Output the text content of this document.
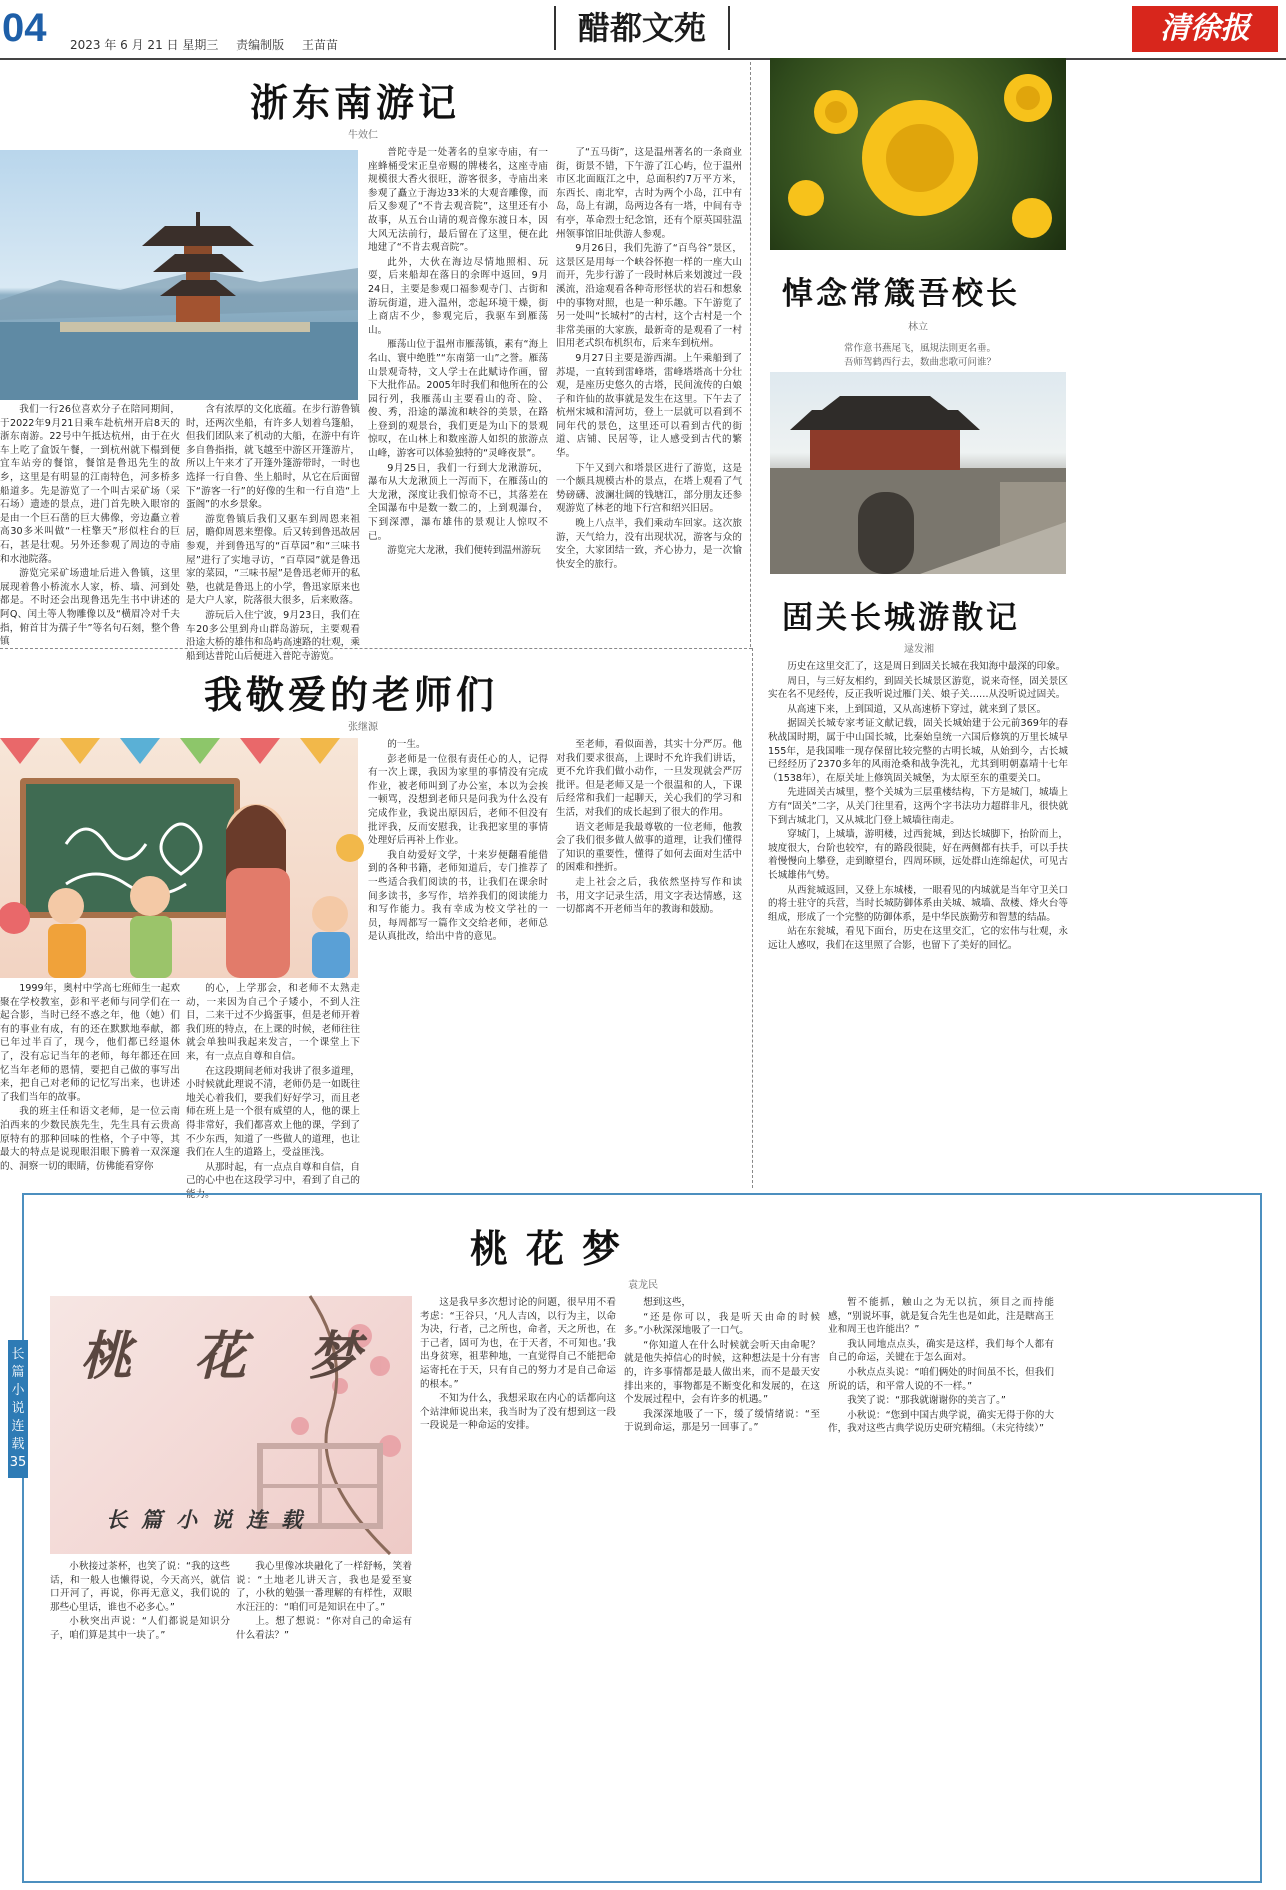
04 2023 年 6 月 21 日 星期三 责编制版 王苗苗	醋都文苑	清徐报
浙东南游记
牛效仁

我们一行26位喜欢分子在陪同期间，于2022年9月21日乘车赴杭州开启8天的浙东南游。22号中午抵达杭州，由于在火车上吃了盒饭午餐，一到杭州就下榻到便宜车站旁的餐馆，餐馆是鲁迅先生的故乡，这里是有明显的江南特色，河多桥多船道多。先是游览了一个叫古采矿场（采石场）遗迹的景点，进门首先映入眼帘的是由一个巨石凿的巨大佛像，旁边矗立着高30多米叫做“一柱擎天”形似柱台的巨石，甚是壮观。另外还参观了周边的寺庙和水池院落。

游览完采矿场遗址后进入鲁镇，这里展现着鲁小桥流水人家，桥、墙、河到处都是。不时还会出现鲁迅先生书中讲述的阿Q、闰土等人物雕像以及“横眉冷对千夫指，俯首甘为孺子牛”等名句石刻，整个鲁镇

含有浓厚的文化底蕴。在步行游鲁镇时，还两次坐船，有许多人划着乌篷船，但我们团队来了机动的大船，在游中有许多自鲁指指，就飞越至中游区开篷游片，所以上午来才了开篷外篷游带时，一时也选择一行自鲁、坐上船时，从它在后面留下“游客一行”的好像的生和一行自造“上蛋阁”的水乡景象。

游览鲁镇后我们又驱车到周恩来祖居，瞻仰周恩来塑像。后又转到鲁迅故居参观，并到鲁迅写的“百草园”和“三味书屋”进行了实地寻访，“百草园”就是鲁迅家的菜园，“三味书屋”是鲁迅老师开的私塾，也就是鲁迅上的小学，鲁迅家原来也是大户人家，院落很大很多，后来败落。

游玩后入住宁波，9月23日，我们在车20多公里到舟山群岛游玩，主要观看沿途大桥的雄伟和岛屿高速路的壮观，乘船到达普陀山后便进入普陀寺游览。

普陀寺是一处著名的皇家寺庙，有一座蜂桶受宋正皇帝赐的牌楼名，这座寺庙规模很大香火很旺，游客很多，寺庙出来参观了矗立于海边33米的大观音雕像，而后又参观了“不肯去观音院”，这里还有小故事，从五台山请的观音像东渡日本，因大风无法前行，最后留在了这里，便在此地建了“不肯去观音院”。

此外，大伙在海边尽情地照相、玩耍，后来船却在落日的余晖中返回，9月24日，主要是参观口福参观寺门、古街和游玩街道，进入温州，恋起环境干燥，街上商店不少，参观完后，我驱车到雁荡山。

雁荡山位于温州市雁荡镇，素有“海上名山、寰中绝胜”“东南第一山”之誉。雁荡山景观奇特，文人学士在此赋诗作画，留下大批作品。2005年时我们和他所在的公园行列，我雁荡山主要看山的奇、险、俊、秀，沿途的瀑流和峡谷的美景，在路上登到的观景台，我们更是为山下的景观惊叹，在山林上和数座游人如织的旅游点山峰，游客可以体验独特的“灵峰夜景”。

9月25日，我们一行到大龙湫游玩，瀑布从大龙湫顶上一泻而下，在雁荡山的大龙湫，深度让我们惊奇不已，其落差在全国瀑布中是数一数二的，上到观瀑台，下到深潭，瀑布雄伟的景观让人惊叹不已。

游览完大龙湫，我们便转到温州游玩

了“五马街”，这是温州著名的一条商业街，街景不错，下午游了江心屿，位于温州市区北面瓯江之中，总面积约7万平方米，东西长、南北窄，古时为两个小岛，江中有岛，岛上有湖，岛两边各有一塔，中间有寺有亭，革命烈士纪念馆，还有个原英国驻温州领事馆旧址供游人参观。

9月26日，我们先游了“百鸟谷”景区，这景区是用每一个峡谷怀抱一样的一座大山而开，先步行游了一段时林后来划渡过一段溪流，沿途观看各种奇形怪状的岩石和想象中的事物对照，也是一种乐趣。下午游览了另一处叫“长城村”的古村，这个古村是一个非常美丽的大家族，最新奇的是观看了一村旧用老式织布机织布，后来车到杭州。

9月27日主要是游西湖。上午乘船到了苏堤，一直转到雷峰塔，雷峰塔塔高十分壮观，是座历史悠久的古塔，民间流传的白娘子和许仙的故事就是发生在这里。下午去了杭州宋城和清河坊，登上一层就可以看到不同年代的景色，这里还可以看到古代的街道、店铺、民居等，让人感受到古代的繁华。

下午又到六和塔景区进行了游览，这是一个颇具规模古朴的景点，在塔上观看了气势磅礴、波澜壮阔的钱塘江，部分朋友还参观游览了林老的地下行宫和绍兴旧居。

晚上八点半，我们乘动车回家。这次旅游，天气给力，没有出现状况，游客与众的安全，大家团结一致，齐心协力，是一次愉快安全的旅行。

悼念常箴吾校长
林立
常作意书燕尾飞，風規法則更名垂。
吾师驾鹤西行去，数曲悲歌可问谁？
固关长城游散记
逯发湘

历史在这里交汇了，这是周日到固关长城在我知海中最深的印象。

周日，与三好友相约，到固关长城景区游览，说来奇怪，固关景区实在名不见经传，反正我听说过雁门关、娘子关……从没听说过固关。

从高速下来，上到国道，又从高速桥下穿过，就来到了景区。

据固关长城专家考证文献记载，固关长城始建于公元前369年的春秋战国时期，属于中山国长城，比秦始皇统一六国后修筑的万里长城早155年，是我国唯一现存保留比较完整的古明长城，从始到今，古长城已经经历了2370多年的风雨沧桑和战争洗礼，尤其到明朝嘉靖十七年（1538年），在原关址上修筑固关城堡，为太原至东的重要关口。

先进固关古城里，整个关城为三层重楼结构，下方是城门，城墙上方有“固关”二字，从关门往里看，这两个字书法功力超群非凡，很快就下到古城北门，又从城北门登上城墙往南走。

穿城门，上城墙，游明楼，过西瓮城，到达长城脚下，抬阶而上，坡度很大，台阶也较窄，有的路段很陡，好在两侧都有扶手，可以手扶着慢慢向上攀登，走到瞭望台，四周环顾，远处群山连绵起伏，可见古长城雄伟气势。

从西瓮城返回，又登上东城楼，一眼看见的内城就是当年守卫关口的将士驻守的兵营，当时长城防御体系由关城、城墙、敌楼、烽火台等组成，形成了一个完整的防御体系，是中华民族勤劳和智慧的结晶。

站在东瓮城，看见下面台，历史在这里交汇，它的宏伟与壮观，永远让人感叹，我们在这里照了合影，也留下了美好的回忆。

我敬爱的老师们
张继源

1999年，奥村中学高七班师生一起欢聚在学校教室，彭和平老师与同学们在一起合影，当时已经不惑之年，他（她）们有的事业有成，有的还在默默地奉献，都已年过半百了，现今，他们都已经退休了，没有忘记当年的老师，每年都还在回忆当年老师的恩情，要把自己做的事写出来，把自己对老师的记忆写出来，也讲述了我们当年的故事。

我的班主任和语文老师，是一位云南泊西来的少数民族先生，先生具有云贵高原特有的那种回味的性格，个子中等，其最大的特点是说现眼泪眼下腾着一双深邃的、洞察一切的眼睛，仿佛能看穿你

的心，上学那会，和老师不太熟走动，一来因为自己个子矮小，不到人注目，二来干过不少捣蛋事，但是老师开着我们班的特点，在上课的时候，老师往往就会单独叫我起来发言，一个课堂上下来，有一点点自尊和自信。

在这段期间老师对我讲了很多道理，小时候就此理说不清，老师仍是一如既往地关心着我们，要我们好好学习，而且老师在班上是一个很有威望的人，他的课上得非常好，我们都喜欢上他的课，学到了不少东西，知道了一些做人的道理，也让我们在人生的道路上，受益匪浅。

从那时起，有一点点自尊和自信，自己的心中也在这段学习中，看到了自己的能力。

的一生。

彭老师是一位很有责任心的人，记得有一次上课，我因为家里的事情没有完成作业，被老师叫到了办公室，本以为会挨一顿骂，没想到老师只是问我为什么没有完成作业，我说出原因后，老师不但没有批评我，反而安慰我，让我把家里的事情处理好后再补上作业。

我自幼爱好文学，十来岁便翻看能借到的各种书籍，老师知道后，专门推荐了一些适合我们阅读的书，让我们在课余时间多读书，多写作，培养我们的阅读能力和写作能力。我有幸成为校文学社的一员，每周都写一篇作文交给老师，老师总是认真批改，给出中肯的意见。

至老师，看似面善，其实十分严厉。他对我们要求很高，上课时不允许我们讲话，更不允许我们做小动作，一旦发现就会严厉批评。但是老师又是一个很温和的人，下课后经常和我们一起聊天，关心我们的学习和生活，对我们的成长起到了很大的作用。

语文老师是我最尊敬的一位老师，他教会了我们很多做人做事的道理，让我们懂得了知识的重要性，懂得了如何去面对生活中的困难和挫折。

走上社会之后，我依然坚持写作和读书，用文字记录生活，用文字表达情感，这一切都离不开老师当年的教诲和鼓励。

长篇小说连载 35
桃花梦
袁龙民
桃 花 梦
长篇小说连载

小秋接过茶杯，也笑了说：“我的这些话，和一般人也懒得说，今天高兴，就信口开河了，再说，你再无意义，我们说的那些心里话，谁也不必多心。”

小秋突出声说：“人们都说是知识分子，咱们算是其中一块了。”

我心里像冰块融化了一样舒畅，笑着说：“土地老儿讲天言，我也是爱至宴了，小秋的勉强一番理解的有样性，双眼水汪汪的：“咱们可是知识在中了。”

上。想了想说：“你对自己的命运有什么看法？”

这是我早多次想讨论的问题，很早用不看考虑：“王谷只，‘凡人吉凶，以行为主，以命为决，行者，己之所也，命者，天之所也，在于己者，固可为也，在于天者，不可知也。’我出身贫寒，祖辈种地，一直觉得自己不能把命运寄托在于天，只有自己的努力才是自己命运的根本。”

不知为什么，我想采取在内心的话都向这个站津师说出来，我当时为了没有想到这一段一段说是一种命运的安排。

想到这些，

“还是你可以，我是听天由命的时候多。”小秋深深地吸了一口气。

“你知道人在什么时候就会听天由命呢？就是他失掉信心的时候，这种想法是十分有害的，许多事情都是最人做出来，而不是最天安排出来的，事物都是不断变化和发展的，在这个发展过程中，会有许多的机遇。”

我深深地吸了一下，缓了缓情绪说：“至于说到命运，那是另一回事了。”

暂不能抓，触山之为无以抗，须目之而持能感，“别说坏事，就是复合先生也是如此，注是瞎高王业和周王也许能出？”

我认同地点点头，确实是这样，我们每个人都有自己的命运，关键在于怎么面对。

小秋点点头说：“咱们俩处的时间虽不长，但我们所说的话，和平常人说的不一样。”

我笑了说：“那我就谢谢你的美言了。”

小秋说：“您到中国古典学说，确实无得于你的大作，我对这些古典学说历史研究精细。（未完待续）”
